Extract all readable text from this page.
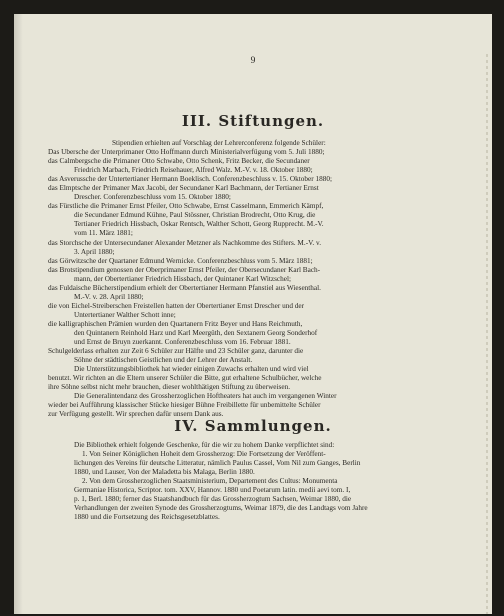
9
III. Stiftungen.
Stipendien erhielten auf Vorschlag der Lehrerconferenz folgende Schüler:
Das Ubersche der Unterprimaner Otto Hoffmann durch Ministerialverfügung vom 5. Juli 1880;
das Calmbergsche die Primaner Otto Schwabe, Otto Schenk, Fritz Becker, die Secundaner
Friedrich Marbach, Friedrich Reisehauer, Alfred Walz. M.-V. v. 18. Oktober 1880;
das Asverussche der Untertertianer Hermann Boeklisch. Conferenzbeschluss v. 15. Oktober 1880;
das Elmptsche der Primaner Max Jacobi, der Secundaner Karl Bachmann, der Tertianer Ernst
Drescher. Conferenzbeschluss vom 15. Oktober 1880;
das Fürstliche die Primaner Ernst Pfeiler, Otto Schwabe, Ernst Casselmann, Emmerich Kämpf,
die Secundaner Edmund Kühne, Paul Stössner, Christian Brodrecht, Otto Krug, die
Tertianer Friedrich Hissbach, Oskar Rentsch, Walther Schott, Georg Rupprecht. M.-V.
vom 11. März 1881;
das Storchsche der Untersecundaner Alexander Metzner als Nachkomme des Stifters. M.-V. v.
3. April 1880;
das Görwitzsche der Quartaner Edmund Wernicke. Conferenzbeschluss vom 5. März 1881;
das Brotstipendium genossen der Oberprimaner Ernst Pfeiler, der Obersecundaner Karl Bach-
mann, der Obertertianer Friedrich Hissbach, der Quintaner Karl Witzschel;
das Fuldaische Bücherstipendium erhielt der Obertertianer Hermann Pfanstiel aus Wiesenthal.
M.-V. v. 28. April 1880;
die von Eichel-Streiberschen Freistellen hatten der Obertertianer Ernst Drescher und der
Untertertianer Walther Schott inne;
die kalligraphischen Prämien wurden den Quartanern Fritz Beyer und Hans Reichmuth,
den Quintanern Reinhold Harz und Karl Meergüth, den Sextanern Georg Sonderhof
und Ernst de Bruyn zuerkannt. Conferenzbeschluss vom 16. Februar 1881.
Schulgelderlass erhalten zur Zeit 6 Schüler zur Hälfte und 23 Schüler ganz, darunter die
Söhne der städtischen Geistlichen und der Lehrer der Anstalt.
Die Unterstützungsbibliothek hat wieder einigen Zuwachs erhalten und wird viel
benutzt. Wir richten an die Eltern unserer Schüler die Bitte, gut erhaltene Schulbücher, welche
ihre Söhne selbst nicht mehr brauchen, dieser wohlthätigen Stiftung zu überweisen.
Die Generalintendanz des Grossherzoglichen Hoftheaters hat auch im vergangenen Winter
wieder bei Aufführung klassischer Stücke hiesiger Bühne Freibillette für unbemittelte Schüler
zur Verfügung gestellt. Wir sprechen dafür unsern Dank aus.
IV. Sammlungen.
Die Bibliothek erhielt folgende Geschenke, für die wir zu hohem Danke verpflichtet sind:
1. Von Seiner Königlichen Hoheit dem Grossherzog: Die Fortsetzung der Veröffent-
lichungen des Vereins für deutsche Litteratur, nämlich Paulus Cassel, Vom Nil zum Ganges, Berlin
1880, und Lauser, Von der Maladetta bis Malaga, Berlin 1880.
2. Von dem Grossherzoglichen Staatsministerium, Departement des Cultus: Monumenta
Germaniae Historica, Scriptor. tom. XXV, Hannov. 1880 und Poetarum latin. medii aevi tom. I,
p. 1, Berl. 1880; ferner das Staatshandbuch für das Grossherzogtum Sachsen, Weimar 1880, die
Verhandlungen der zweiten Synode des Grossherzogtums, Weimar 1879, die des Landtags vom Jahre
1880 und die Fortsetzung des Reichsgesetzblattes.
